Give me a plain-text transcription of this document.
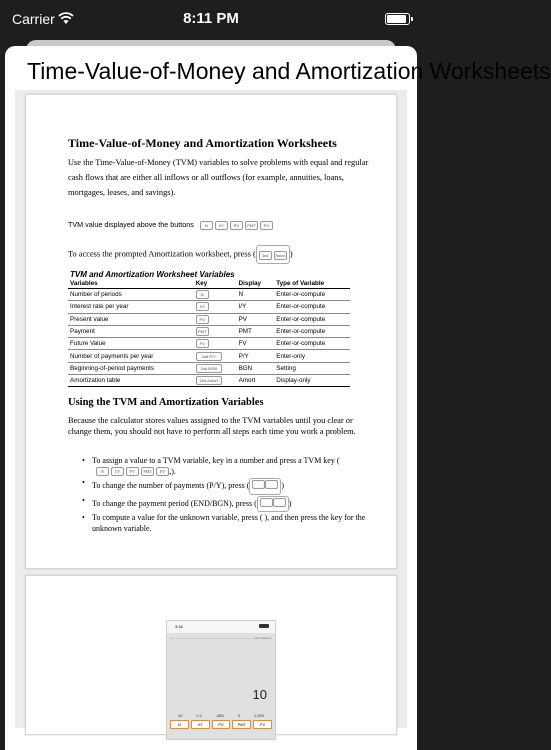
Carrier	8:11 PM
Time-Value-of-Money and Amortization Worksheets
Time-Value-of-Money and Amortization Worksheets
Use the Time-Value-of-Money (TVM) variables to solve problems with equal and regular cash flows that are either all inflows or all outflows (for example, annuities, loans, mortgages, leases, and savings).
TVM value displayed above the buttons	N	I/Y	PV	PMT	FV
To access the prompted Amortization worksheet, press ( 2nd Amort )
TVM and Amortization Worksheet Variables
Variables	Key	Display	Type of Variable
Number of periods	N	N	Enter-or-compute
Interest rate per year	I/Y	I/Y	Enter-or-compute
Present value	PV	PV	Enter-or-compute
Payment	PMT	PMT	Enter-or-compute
Future Value	FV	FV	Enter-or-compute
Number of payments per year	2nd P/Y	P/Y	Enter-only
Beginning-of-period payments	2nd BGN	BGN	Setting
Amortization table	2nd Amort	Amort	Display-only
Using the TVM and Amortization Variables
Because the calculator stores values assigned to the TVM variables until you clear or change them, you should not have to perform all steps each time you work a problem.
• To assign a value to a TVM variable, key in a number and press a TVM key (
N	I/Y	PV	PMT	FV ₐ).
• To change the number of payments (P/Y), press (	)
• To change the payment period (END/BGN), press (	)
• To compute a value for the unknown variable, press ( ), and then press the key for the unknown variable.
3:16
P/Y 1 Dec 2
10
10	0.1	-850	0	1,000
N	I/Y	PV	PMT	FV
